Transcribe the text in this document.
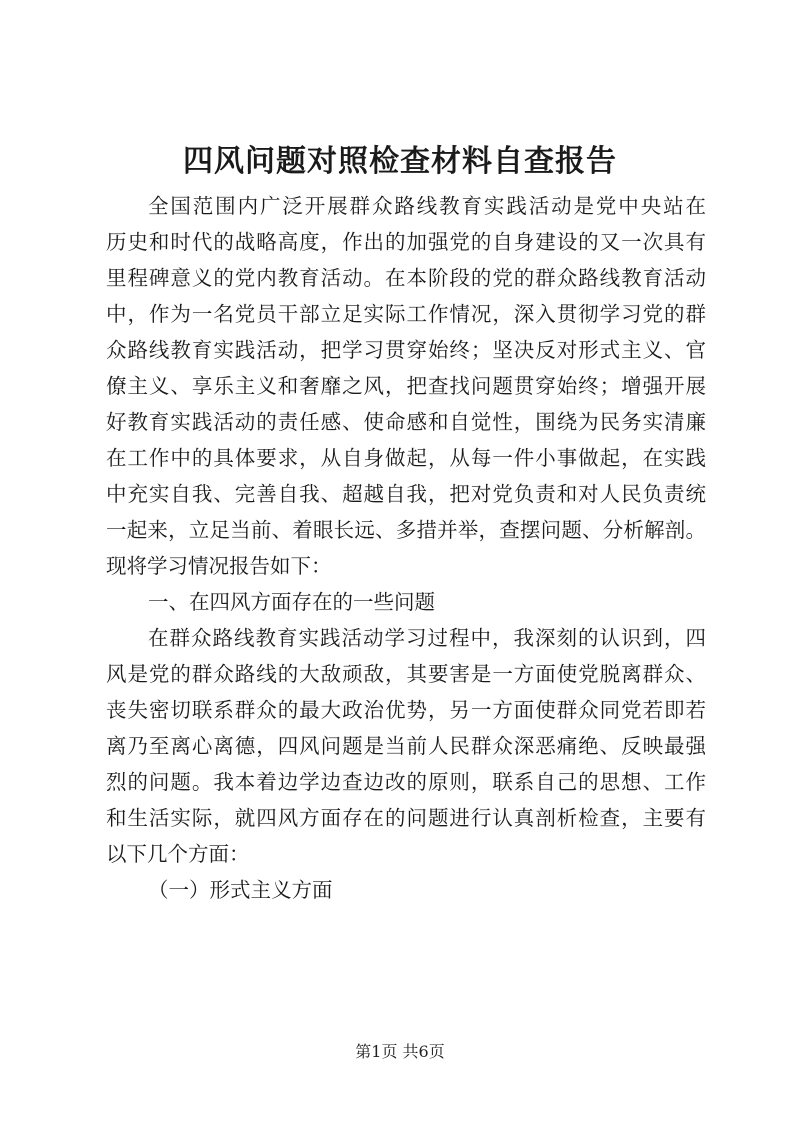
四风问题对照检查材料自查报告
全国范围内广泛开展群众路线教育实践活动是党中央站在
历史和时代的战略高度，作出的加强党的自身建设的又一次具有
里程碑意义的党内教育活动。在本阶段的党的群众路线教育活动
中，作为一名党员干部立足实际工作情况，深入贯彻学习党的群
众路线教育实践活动，把学习贯穿始终；坚决反对形式主义、官
僚主义、享乐主义和奢靡之风，把查找问题贯穿始终；增强开展
好教育实践活动的责任感、使命感和自觉性，围绕为民务实清廉
在工作中的具体要求，从自身做起，从每一件小事做起，在实践
中充实自我、完善自我、超越自我，把对党负责和对人民负责统
一起来，立足当前、着眼长远、多措并举，查摆问题、分析解剖。
现将学习情况报告如下：
一、在四风方面存在的一些问题
在群众路线教育实践活动学习过程中，我深刻的认识到，四
风是党的群众路线的大敌顽敌，其要害是一方面使党脱离群众、
丧失密切联系群众的最大政治优势，另一方面使群众同党若即若
离乃至离心离德，四风问题是当前人民群众深恶痛绝、反映最强
烈的问题。我本着边学边查边改的原则，联系自己的思想、工作
和生活实际，就四风方面存在的问题进行认真剖析检查，主要有
以下几个方面：
（一）形式主义方面
第1页 共6页
